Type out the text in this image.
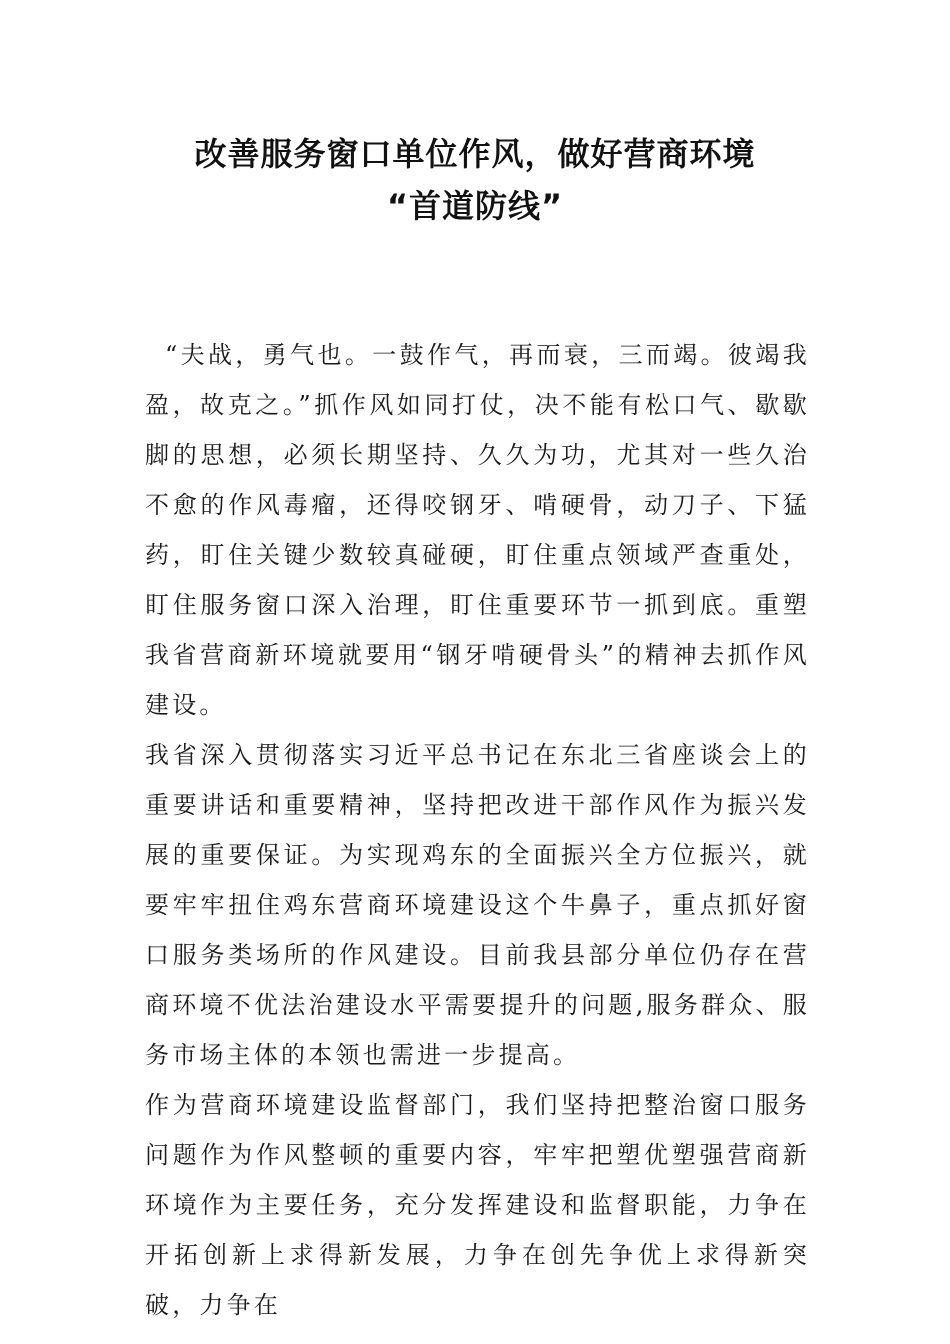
改善服务窗口单位作风，做好营商环境
“首道防线”

“夫战，勇气也。一鼓作气，再而衰，三而竭。彼竭我盈，故克之。”抓作风如同打仗，决不能有松口气、歇歇脚的思想，必须长期坚持、久久为功，尤其对一些久治不愈的作风毒瘤，还得咬钢牙、啃硬骨，动刀子、下猛药，盯住关键少数较真碰硬，盯住重点领域严查重处，盯住服务窗口深入治理，盯住重要环节一抓到底。重塑我省营商新环境就要用“钢牙啃硬骨头”的精神去抓作风建设。

我省深入贯彻落实习近平总书记在东北三省座谈会上的重要讲话和重要精神，坚持把改进干部作风作为振兴发展的重要保证。为实现鸡东的全面振兴全方位振兴，就要牢牢扭住鸡东营商环境建设这个牛鼻子，重点抓好窗口服务类场所的作风建设。目前我县部分单位仍存在营商环境不优法治建设水平需要提升的问题,服务群众、服务市场主体的本领也需进一步提高。

作为营商环境建设监督部门，我们坚持把整治窗口服务问题作为作风整顿的重要内容，牢牢把塑优塑强营商新环境作为主要任务，充分发挥建设和监督职能，力争在开拓创新上求得新发展，力争在创先争优上求得新突破，力争在
